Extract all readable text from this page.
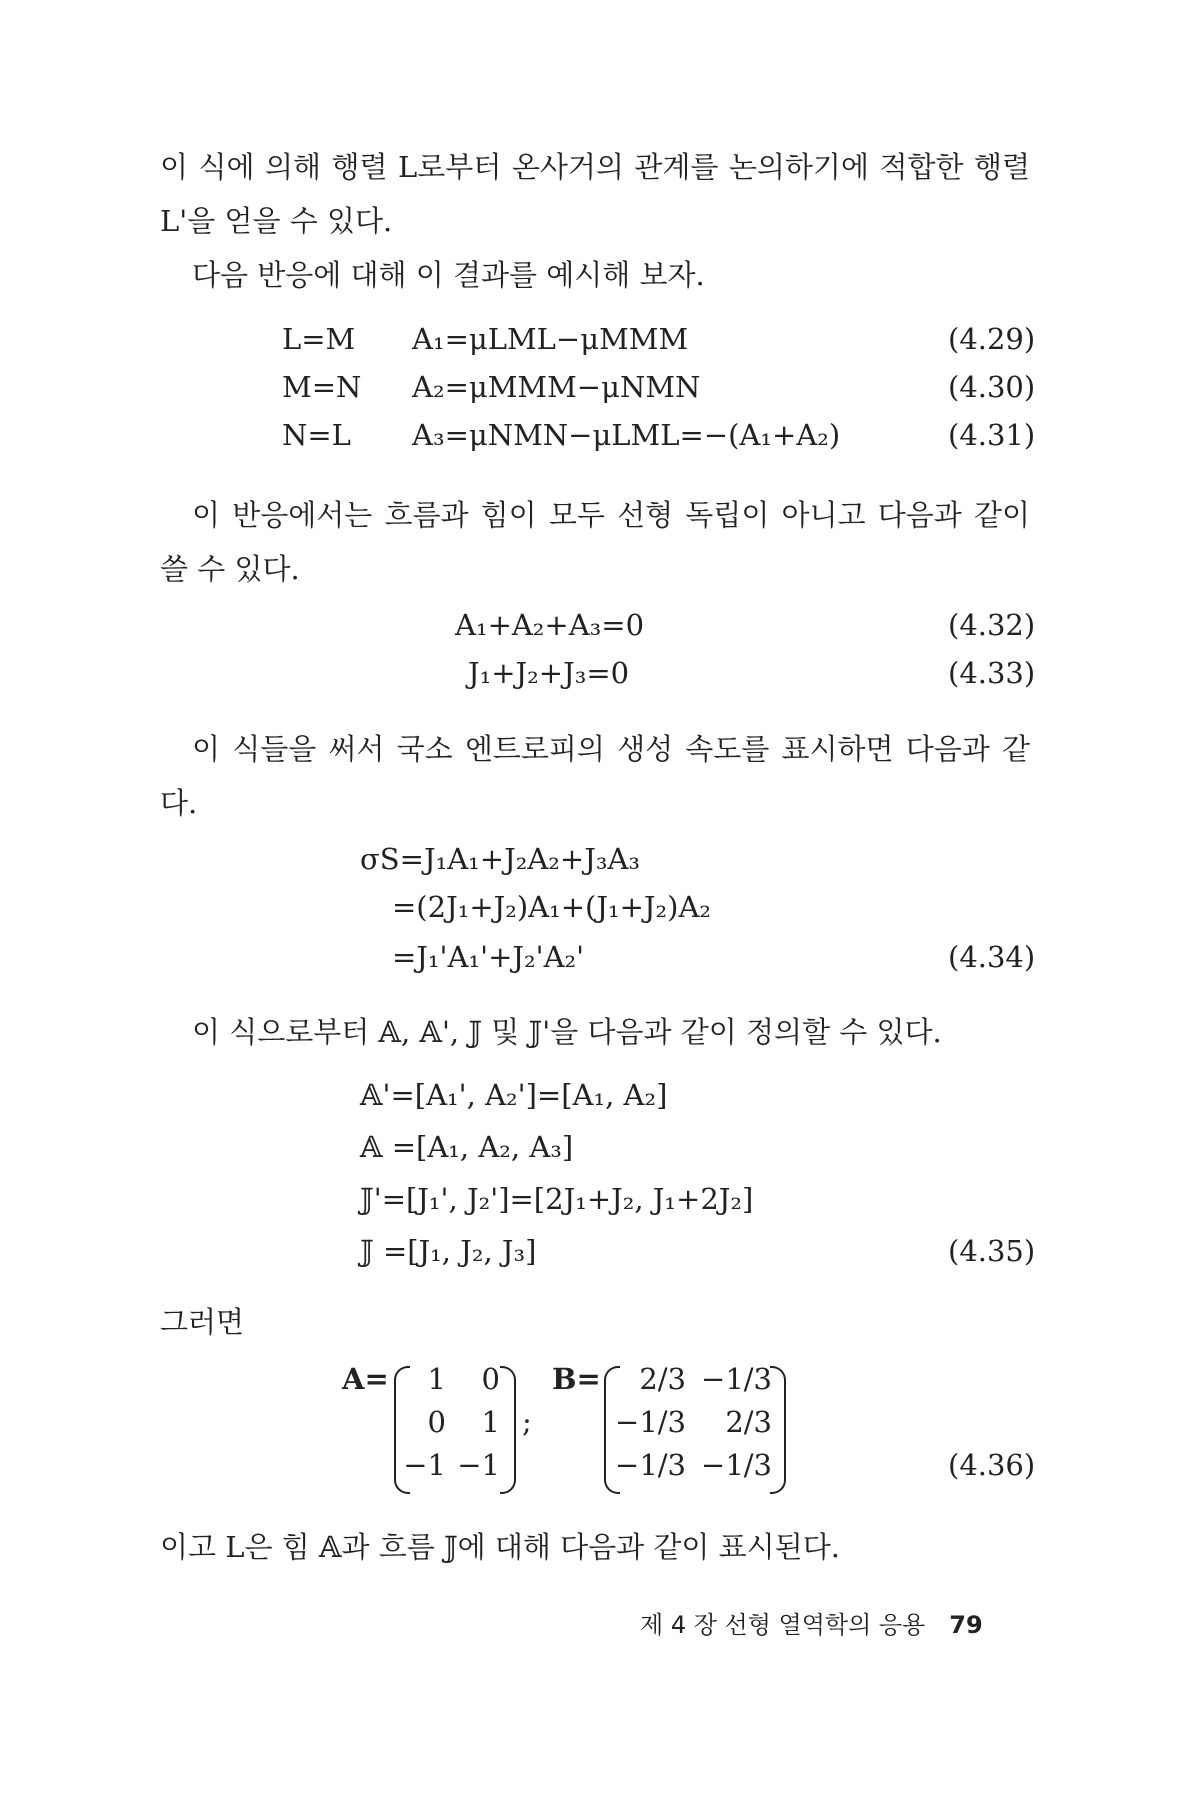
이 식에 의해 행렬 L로부터 온사거의 관계를 논의하기에 적합한 행렬 L'을 얻을 수 있다.

다음 반응에 대해 이 결과를 예시해 보자.

L=M A₁=μLML−μMMM	(4.29)
M=N A₂=μMMM−μNMN	(4.30)
N=L A₃=μNMN−μLML=−(A₁+A₂)	(4.31)

이 반응에서는 흐름과 힘이 모두 선형 독립이 아니고 다음과 같이 쓸 수 있다.

A₁+A₂+A₃=0	(4.32)
J₁+J₂+J₃=0	(4.33)

이 식들을 써서 국소 엔트로피의 생성 속도를 표시하면 다음과 같다.

σS=J₁A₁+J₂A₂+J₃A₃
=(2J₁+J₂)A₁+(J₁+J₂)A₂
=J₁'A₁'+J₂'A₂'	(4.34)

이 식으로부터 𝔸, 𝔸', 𝕁 및 𝕁'을 다음과 같이 정의할 수 있다.

𝔸'=[A₁', A₂']=[A₁, A₂]
𝔸 =[A₁, A₂, A₃]
𝕁'=[J₁', J₂']=[2J₁+J₂, J₁+2J₂]
𝕁 =[J₁, J₂, J₃]	(4.35)

그러면

A= 1 0
0 1
−1 −1
;
B= 2/3 −1/3
−1/3 2/3
−1/3 −1/3	(4.36)

이고 L은 힘 𝔸과 흐름 𝕁에 대해 다음과 같이 표시된다.

제 4 장 선형 열역학의 응용 79
